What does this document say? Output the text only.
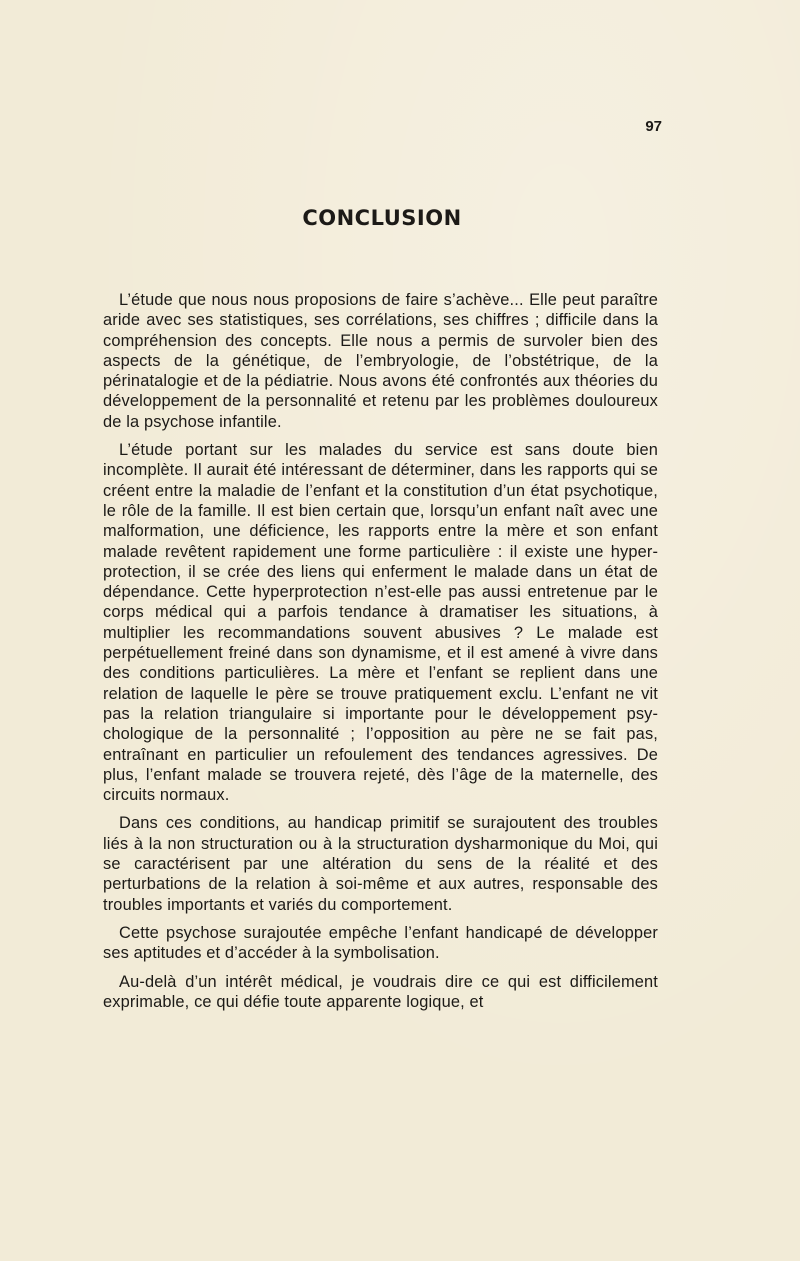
97
CONCLUSION

L’étude que nous nous proposions de faire s’achève... Elle peut paraître aride avec ses statistiques, ses corrélations, ses chiffres ; difficile dans la compréhension des concepts. Elle nous a permis de survoler bien des aspects de la génétique, de l’embryologie, de l’obstétrique, de la périnatalogie et de la pédiatrie. Nous avons été confrontés aux théories du développement de la personnalité et retenu par les problèmes douloureux de la psychose infantile.

L’étude portant sur les malades du service est sans doute bien incomplète. Il aurait été intéressant de déterminer, dans les rapports qui se créent entre la maladie de l’enfant et la constitution d’un état psychotique, le rôle de la famille. Il est bien certain que, lorsqu’un enfant naît avec une malformation, une déficience, les rapports entre la mère et son enfant malade revêtent rapidement une forme particulière : il existe une hyperprotection, il se crée des liens qui enferment le malade dans un état de dépendance. Cette hyperprotection n’est-elle pas aussi entretenue par le corps médical qui a parfois tendance à dramatiser les situations, à multiplier les recommandations souvent abusives ? Le malade est perpétuellement freiné dans son dynamisme, et il est amené à vivre dans des conditions particulières. La mère et l’enfant se replient dans une relation de laquelle le père se trouve pratiquement exclu. L’enfant ne vit pas la relation triangulaire si importante pour le développement psychologique de la personnalité ; l’opposition au père ne se fait pas, entraînant en particulier un refoulement des tendances agressives. De plus, l’enfant malade se trouvera rejeté, dès l’âge de la maternelle, des circuits normaux.

Dans ces conditions, au handicap primitif se surajoutent des troubles liés à la non structuration ou à la structuration dysharmonique du Moi, qui se caractérisent par une altération du sens de la réalité et des perturbations de la relation à soi-même et aux autres, responsable des troubles importants et variés du comportement.

Cette psychose surajoutée empêche l’enfant handicapé de développer ses aptitudes et d’accéder à la symbolisation.

Au-delà d’un intérêt médical, je voudrais dire ce qui est difficilement exprimable, ce qui défie toute apparente logique, et
